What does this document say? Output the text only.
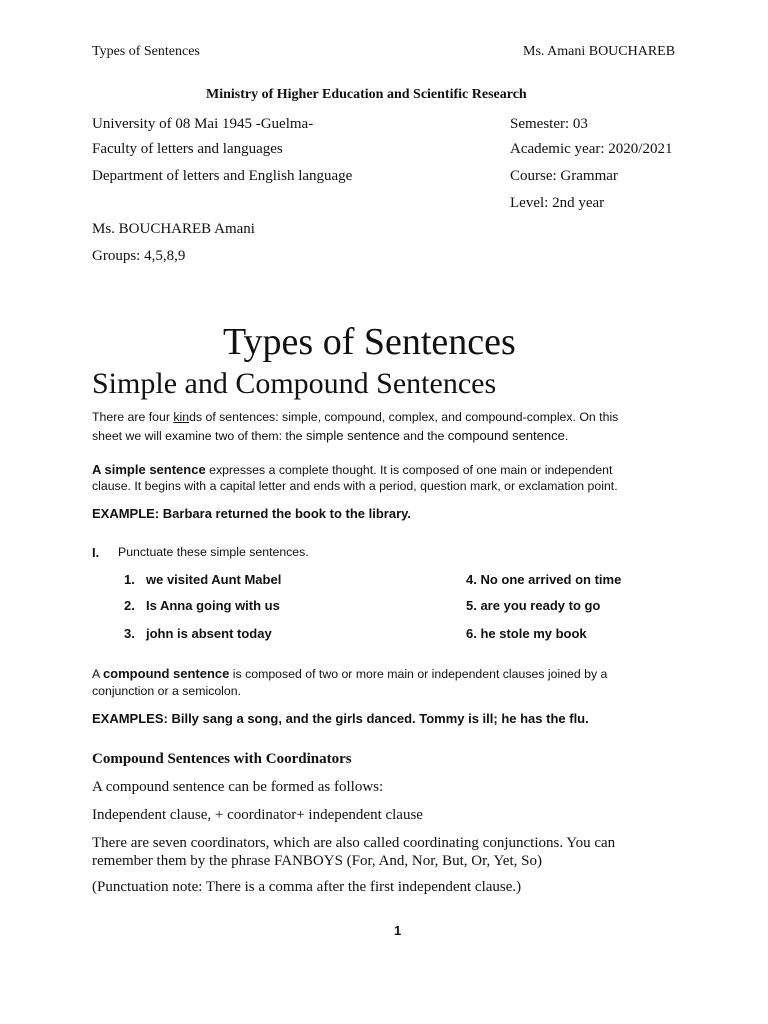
Types of Sentences	Ms. Amani BOUCHAREB
Ministry of Higher Education and Scientific Research
University of 08 Mai 1945 -Guelma-	Semester: 03
Faculty of letters and languages	Academic year: 2020/2021
Department of letters and English language	Course: Grammar
Level: 2nd year
Ms. BOUCHAREB Amani
Groups: 4,5,8,9
Types of Sentences
Simple and Compound Sentences
There are four kinds of sentences: simple, compound, complex, and compound-complex. On this
sheet we will examine two of them: the simple sentence and the compound sentence.
A simple sentence expresses a complete thought. It is composed of one main or independent
clause. It begins with a capital letter and ends with a period, question mark, or exclamation point.
EXAMPLE: Barbara returned the book to the library.
I. Punctuate these simple sentences.
1. we visited Aunt Mabel	4. No one arrived on time
2. Is Anna going with us	5. are you ready to go
3. john is absent today	6. he stole my book
A compound sentence is composed of two or more main or independent clauses joined by a
conjunction or a semicolon.
EXAMPLES: Billy sang a song, and the girls danced. Tommy is ill; he has the flu.
Compound Sentences with Coordinators
A compound sentence can be formed as follows:
Independent clause, + coordinator+ independent clause
There are seven coordinators, which are also called coordinating conjunctions. You can
remember them by the phrase FANBOYS (For, And, Nor, But, Or, Yet, So)
(Punctuation note: There is a comma after the first independent clause.)
1
